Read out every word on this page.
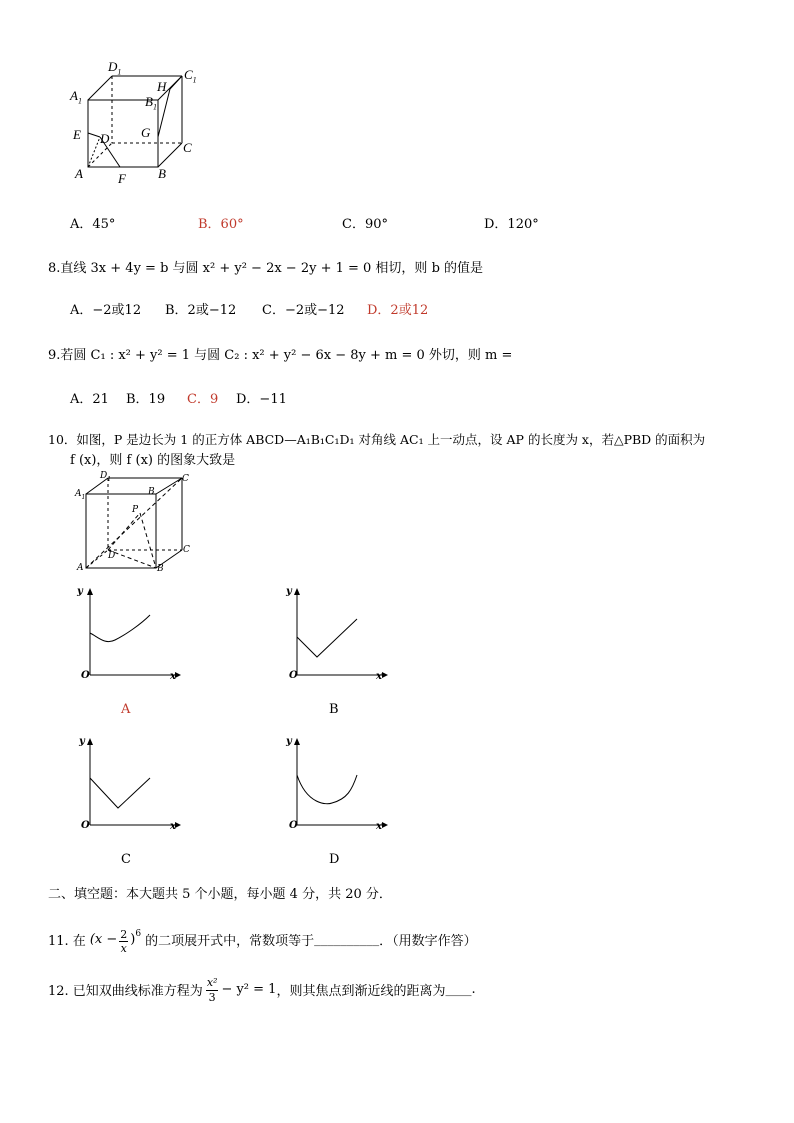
$D_1$	$C_1$
$A_1$
H
$B_1$
G
E D
C
A	F B
A．45°	B．60°	C．90°	D．120°
8.直线 3x + 4y = b 与圆 x² + y² − 2x − 2y + 1 = 0 相切，则 b 的值是
A．−2或12 B．2或−12 C．−2或−12 D．2或12
9.若圆 C₁ : x² + y² = 1 与圆 C₂ : x² + y² − 6x − 8y + m = 0 外切，则 m =
A．21 B．19 C．9 D．−11
10．如图，P 是边长为 1 的正方体 ABCD—A₁B₁C₁D₁ 对角线 AC₁ 上一动点，设 AP 的长度为 x，若△PBD 的面积为
f (x)，则 f (x) 的图象大致是
$D_1$	C
$A_1$
B
P
D
C
A	B
y
O	x
A
y
O	x
B
y
O	x
C
y
O	x
D
二、填空题：本大题共 5 个小题，每小题 4 分，共 20 分．
11. 在 $(x - \frac{2}{x} )^6$
的二项展开式中，常数项等于 __________ ．（用数字作答）
12. 已知双曲线标准方程为 $\frac{\text{x²}}{3} - y^2 = 1$ ，则其焦点到渐近线的距离为 ____ .
